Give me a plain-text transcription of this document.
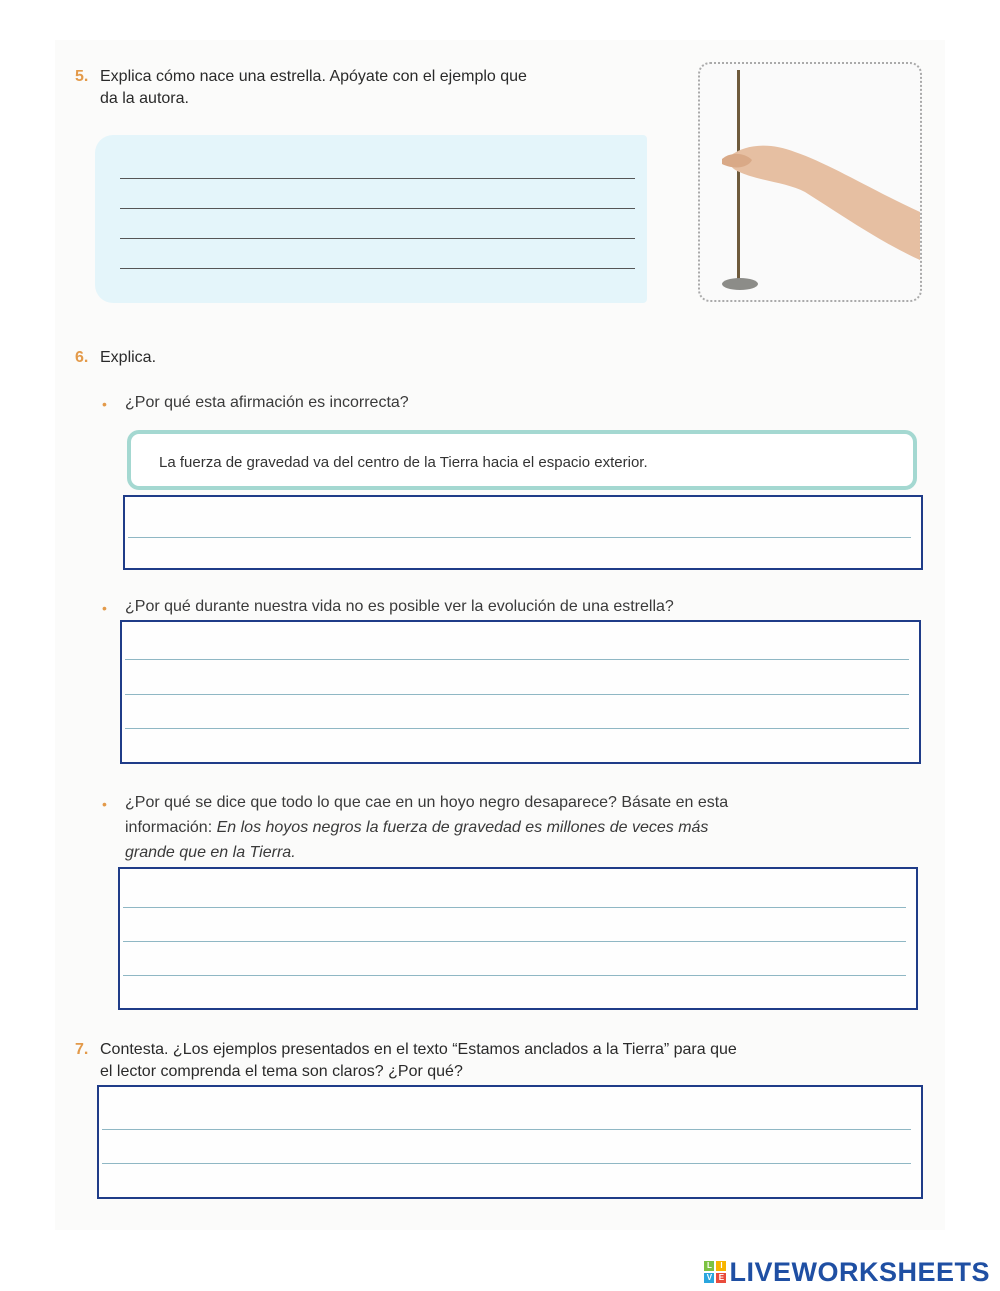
5. Explica cómo nace una estrella. Apóyate con el ejemplo que
da la autora.
6. Explica.
• ¿Por qué esta afirmación es incorrecta?
La fuerza de gravedad va del centro de la Tierra hacia el espacio exterior.
• ¿Por qué durante nuestra vida no es posible ver la evolución de una estrella?
• ¿Por qué se dice que todo lo que cae en un hoyo negro desaparece? Básate en esta
información: En los hoyos negros la fuerza de gravedad es millones de veces más
grande que en la Tierra.
7. Contesta. ¿Los ejemplos presentados en el texto “Estamos anclados a la Tierra” para que
el lector comprenda el tema son claros? ¿Por qué?
L	I
V E LIVEWORKSHEETS
